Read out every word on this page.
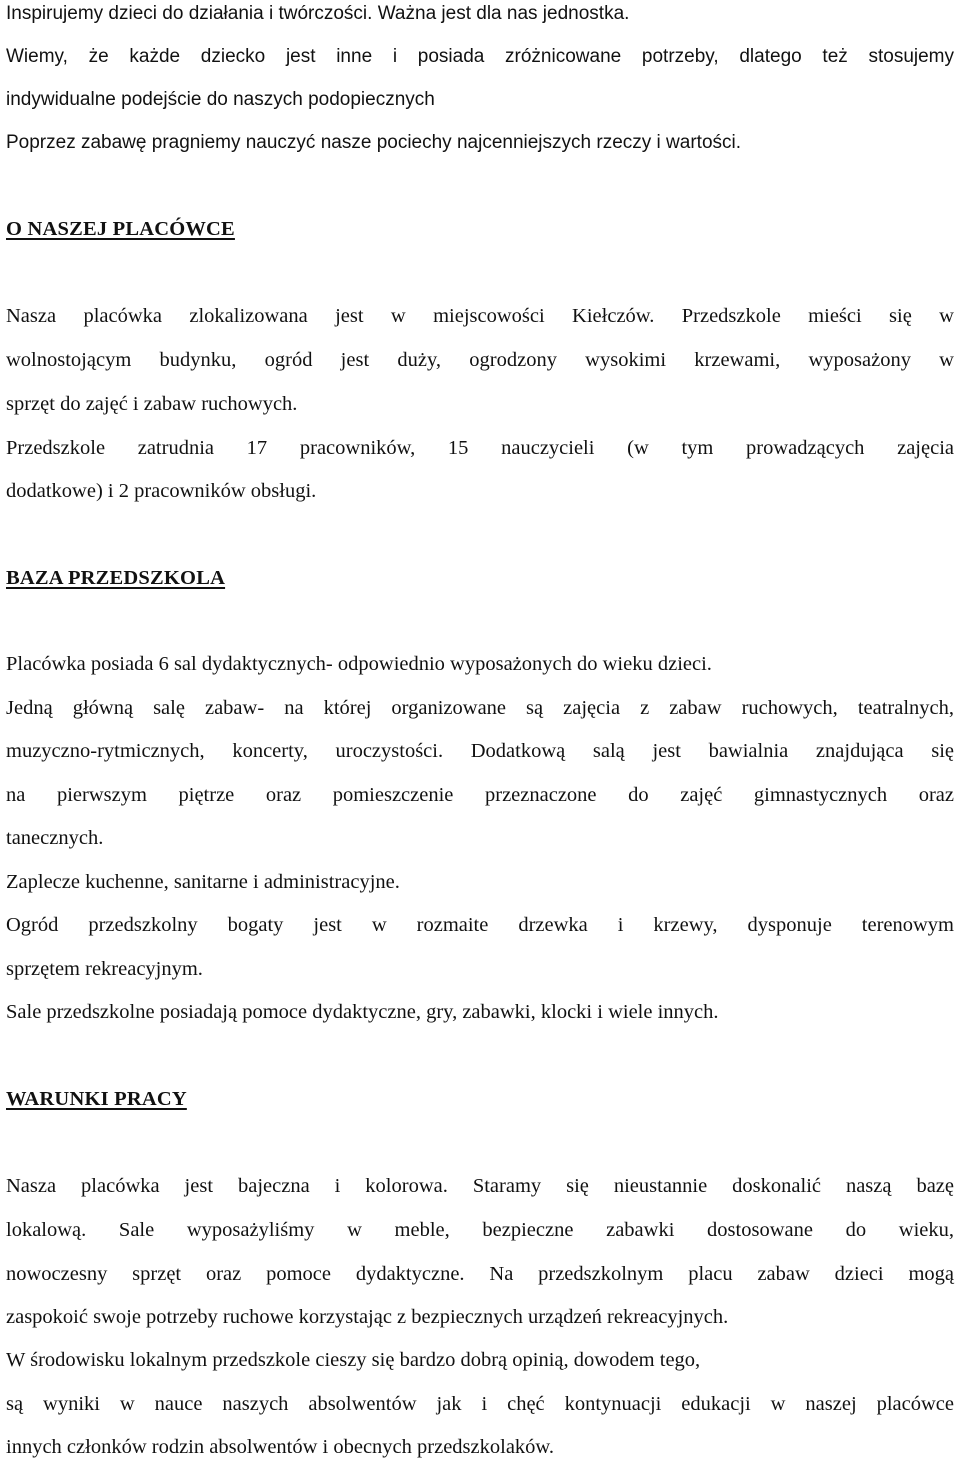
Inspirujemy dzieci do działania i twórczości. Ważna jest dla nas jednostka.
Wiemy, że każde dziecko jest inne i posiada zróżnicowane potrzeby, dlatego też stosujemy
indywidualne podejście do naszych podopiecznych
Poprzez zabawę pragniemy nauczyć nasze pociechy najcenniejszych rzeczy i wartości.
O NASZEJ PLACÓWCE
Nasza placówka zlokalizowana jest w miejscowości Kiełczów. Przedszkole mieści się w
wolnostojącym budynku, ogród jest duży, ogrodzony wysokimi krzewami, wyposażony w
sprzęt do zajęć i zabaw ruchowych.
Przedszkole zatrudnia 17 pracowników, 15 nauczycieli (w tym prowadzących zajęcia
dodatkowe) i 2 pracowników obsługi.
BAZA PRZEDSZKOLA
Placówka posiada 6 sal dydaktycznych- odpowiednio wyposażonych do wieku dzieci.
Jedną główną salę zabaw- na której organizowane są zajęcia z zabaw ruchowych, teatralnych,
muzyczno-rytmicznych, koncerty, uroczystości. Dodatkową salą jest bawialnia znajdująca się
na pierwszym piętrze oraz pomieszczenie przeznaczone do zajęć gimnastycznych oraz
tanecznych.
Zaplecze kuchenne, sanitarne i administracyjne.
Ogród przedszkolny bogaty jest w rozmaite drzewka i krzewy, dysponuje terenowym
sprzętem rekreacyjnym.
Sale przedszkolne posiadają pomoce dydaktyczne, gry, zabawki, klocki i wiele innych.
WARUNKI PRACY
Nasza placówka jest bajeczna i kolorowa. Staramy się nieustannie doskonalić naszą bazę
lokalową. Sale wyposażyliśmy w meble, bezpieczne zabawki dostosowane do wieku,
nowoczesny sprzęt oraz pomoce dydaktyczne. Na przedszkolnym placu zabaw dzieci mogą
zaspokoić swoje potrzeby ruchowe korzystając z bezpiecznych urządzeń rekreacyjnych.
W środowisku lokalnym przedszkole cieszy się bardzo dobrą opinią, dowodem tego,
są wyniki w nauce naszych absolwentów jak i chęć kontynuacji edukacji w naszej placówce
innych członków rodzin absolwentów i obecnych przedszkolaków.
